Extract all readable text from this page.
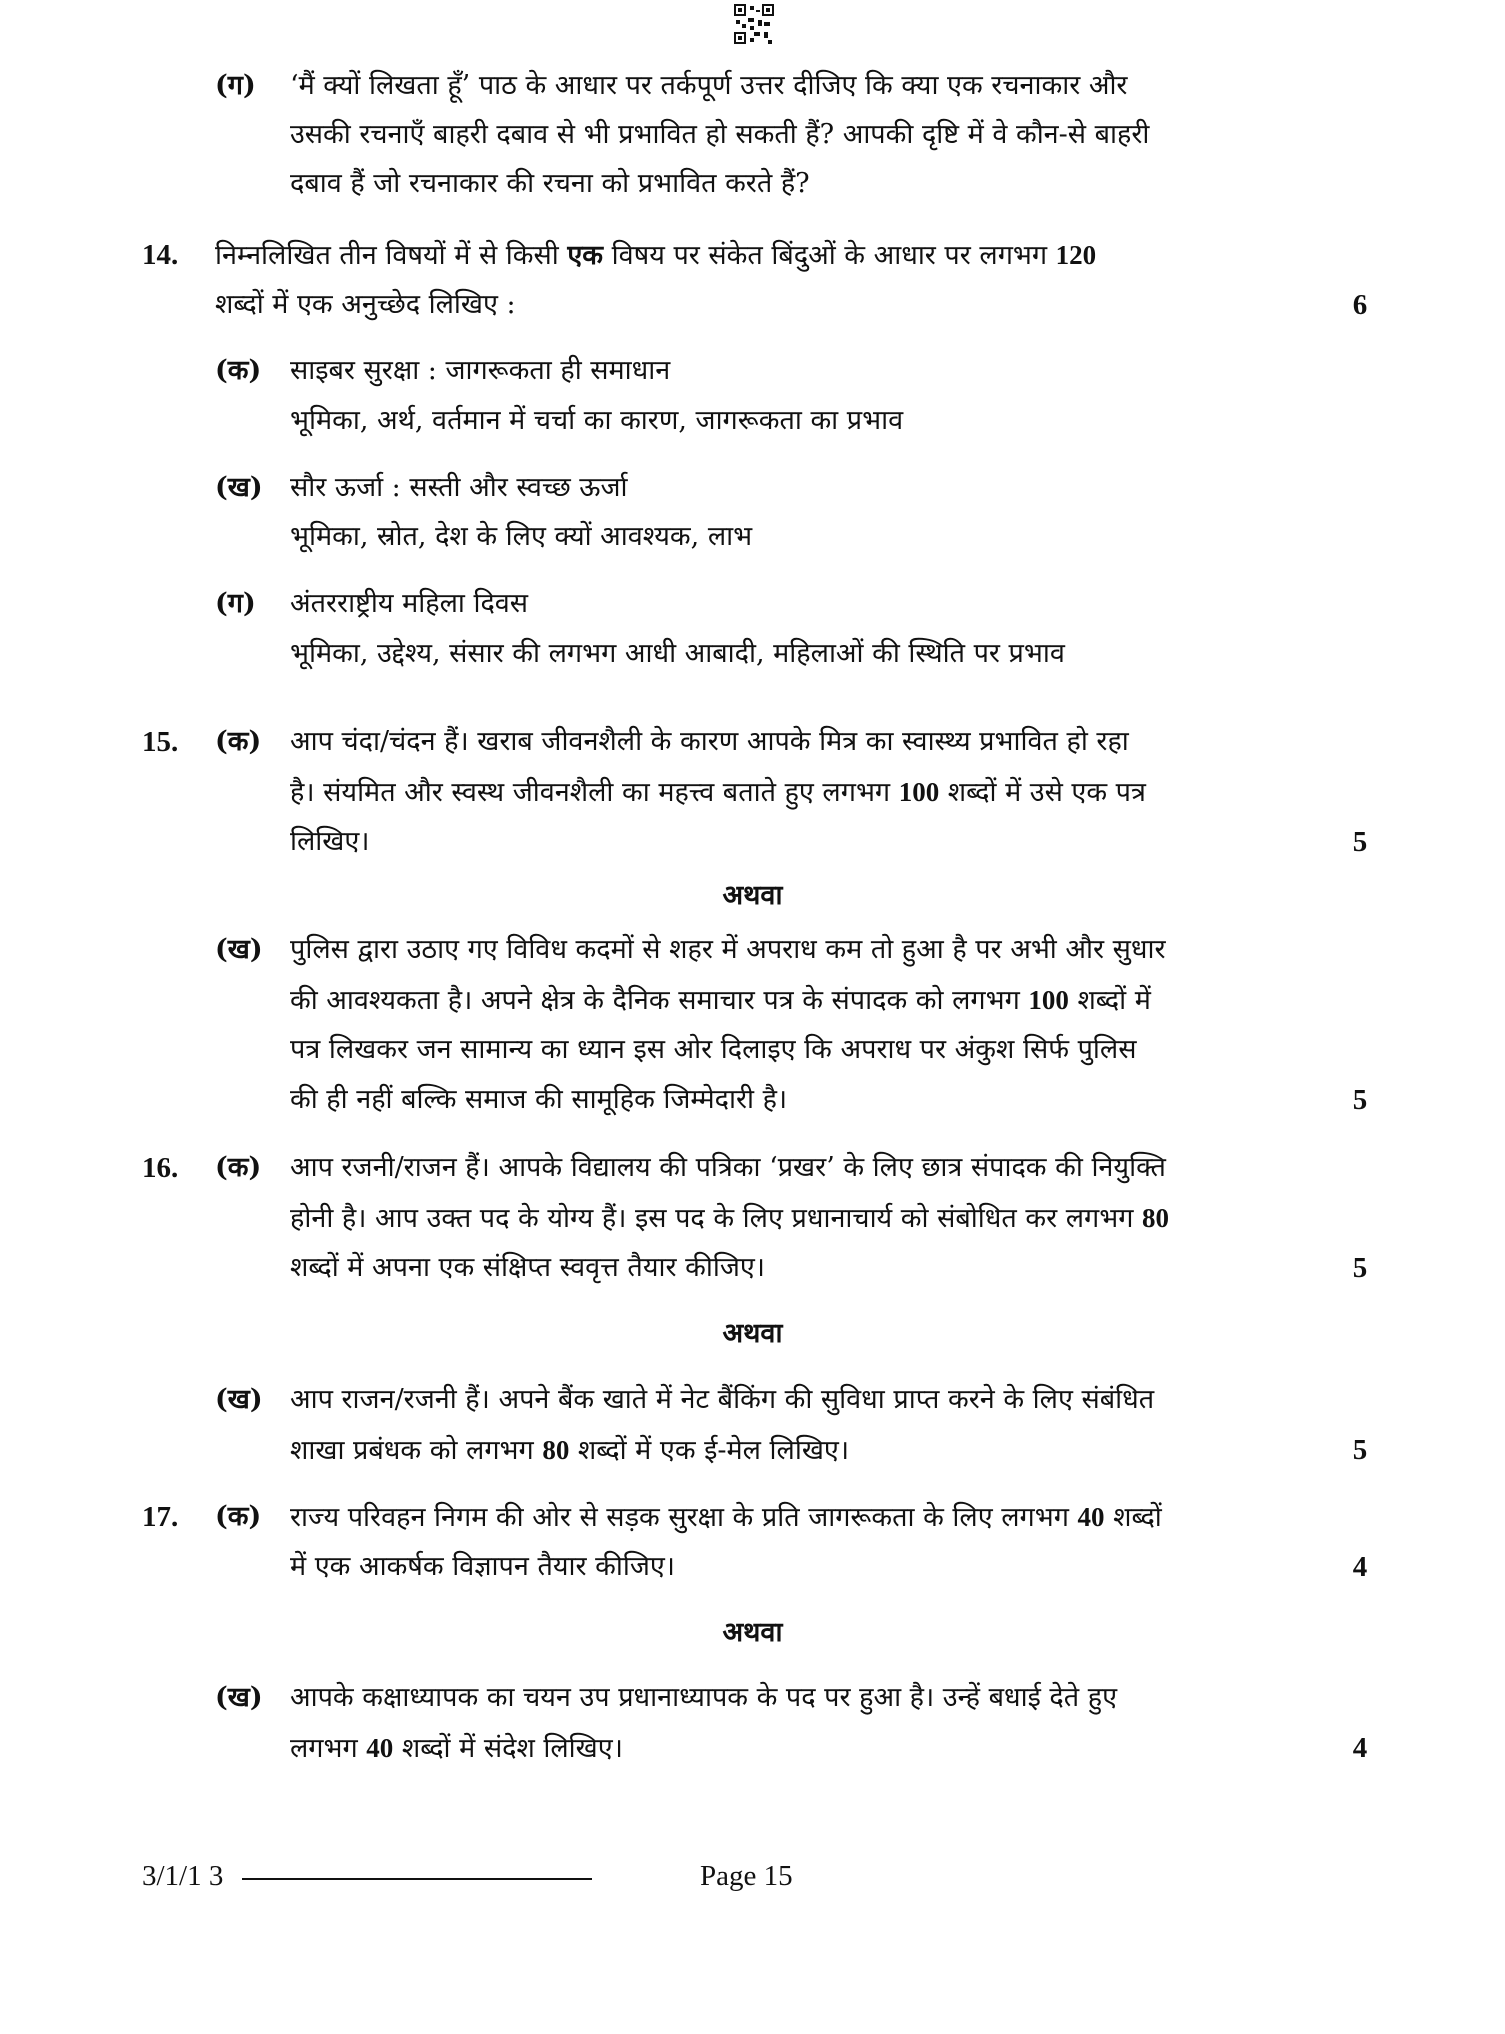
(ग) ‘मैं क्यों लिखता हूँ’ पाठ के आधार पर तर्कपूर्ण उत्तर दीजिए कि क्या एक रचनाकार और
उसकी रचनाएँ बाहरी दबाव से भी प्रभावित हो सकती हैं? आपकी दृष्टि में वे कौन-से बाहरी
दबाव हैं जो रचनाकार की रचना को प्रभावित करते हैं?
14. निम्नलिखित तीन विषयों में से किसी एक विषय पर संकेत बिंदुओं के आधार पर लगभग 120
शब्दों में एक अनुच्छेद लिखिए :	6
(क) साइबर सुरक्षा : जागरूकता ही समाधान
भूमिका, अर्थ, वर्तमान में चर्चा का कारण, जागरूकता का प्रभाव
(ख) सौर ऊर्जा : सस्ती और स्वच्छ ऊर्जा
भूमिका, स्रोत, देश के लिए क्यों आवश्यक, लाभ
(ग) अंतरराष्ट्रीय महिला दिवस
भूमिका, उद्देश्य, संसार की लगभग आधी आबादी, महिलाओं की स्थिति पर प्रभाव
15. (क) आप चंदा/चंदन हैं। खराब जीवनशैली के कारण आपके मित्र का स्वास्थ्य प्रभावित हो रहा
है। संयमित और स्वस्थ जीवनशैली का महत्त्व बताते हुए लगभग 100 शब्दों में उसे एक पत्र
लिखिए।	5
अथवा
(ख) पुलिस द्वारा उठाए गए विविध कदमों से शहर में अपराध कम तो हुआ है पर अभी और सुधार
की आवश्यकता है। अपने क्षेत्र के दैनिक समाचार पत्र के संपादक को लगभग 100 शब्दों में
पत्र लिखकर जन सामान्य का ध्यान इस ओर दिलाइए कि अपराध पर अंकुश सिर्फ पुलिस
की ही नहीं बल्कि समाज की सामूहिक जिम्मेदारी है।	5
16. (क) आप रजनी/राजन हैं। आपके विद्यालय की पत्रिका ‘प्रखर’ के लिए छात्र संपादक की नियुक्ति
होनी है। आप उक्त पद के योग्य हैं। इस पद के लिए प्रधानाचार्य को संबोधित कर लगभग 80
शब्दों में अपना एक संक्षिप्त स्ववृत्त तैयार कीजिए।	5
अथवा
(ख) आप राजन/रजनी हैं। अपने बैंक खाते में नेट बैंकिंग की सुविधा प्राप्त करने के लिए संबंधित
शाखा प्रबंधक को लगभग 80 शब्दों में एक ई-मेल लिखिए।	5
17. (क) राज्य परिवहन निगम की ओर से सड़क सुरक्षा के प्रति जागरूकता के लिए लगभग 40 शब्दों
में एक आकर्षक विज्ञापन तैयार कीजिए।	4
अथवा
(ख) आपके कक्षाध्यापक का चयन उप प्रधानाध्यापक के पद पर हुआ है। उन्हें बधाई देते हुए
लगभग 40 शब्दों में संदेश लिखिए।	4
3/1/1 3	Page 15
